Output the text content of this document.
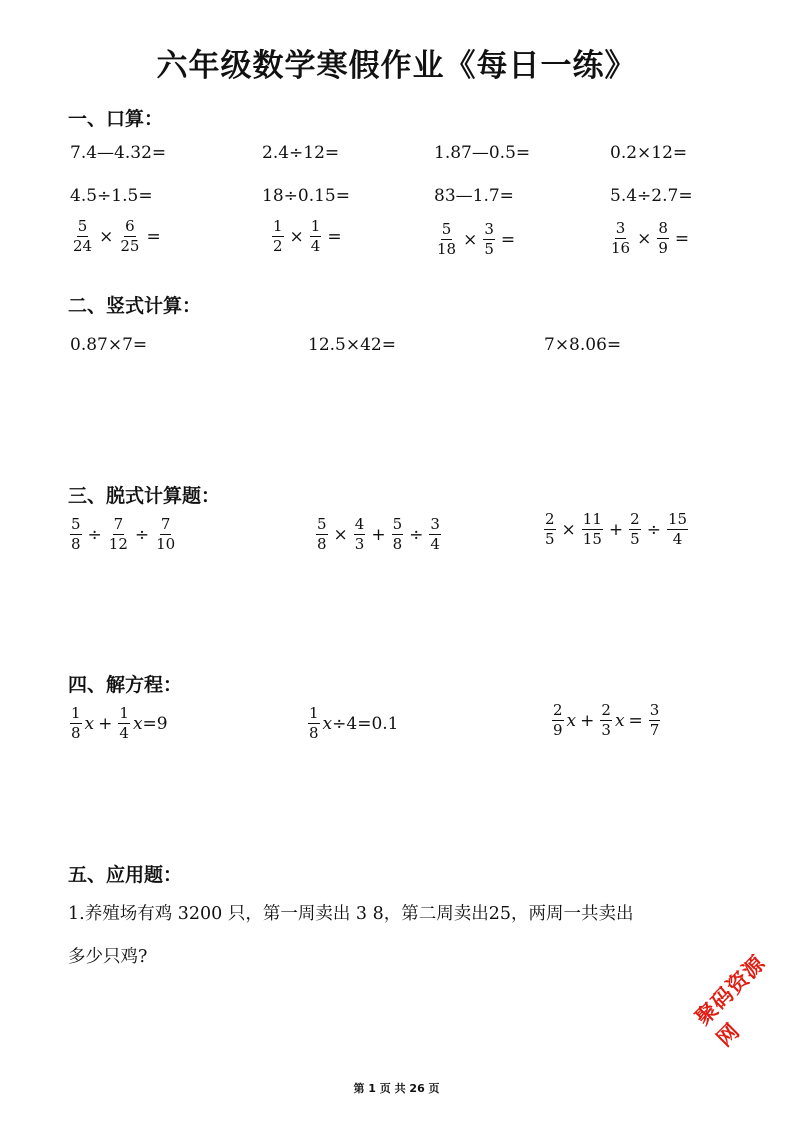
六年级数学寒假作业《每日一练》
一、口算：
7.4—4.32=	2.4÷12=	1.87—0.5=	0.2×12=
4.5÷1.5=	18÷0.15=	83—1.7=	5.4÷2.7=
$\frac{5}{24} \times \frac{6}{25}$ =	$\frac{1}{2} \times \frac{1}{4}$ =	$\frac{5}{18} \times \frac{3}{5}$ =	$\frac{3}{16} \times \frac{8}{9}$ =
二、竖式计算：
0.87×7=	12.5×42=	7×8.06=
三、脱式计算题：
$\frac{5}{8} \div \frac{7}{12} \div \frac{7}{10}$	$\frac{5}{8} \times \frac{4}{3} + \frac{5}{8} \div \frac{3}{4}$	$\frac{2}{5} \times \frac{11}{15} + \frac{2}{5} \div \frac{15}{4}$
四、解方程：
$\frac{1}{8}$ $x + \frac{1}{4}$ x =9	$\frac{1}{8}$ x ÷4=0.1	$\frac{2}{9}$ $x + \frac{2}{3}$ $x = \frac{3}{7}$
五、应用题：
1.养殖场有鸡 3200 只，第一周卖出 3 8，第二周卖出25，两周一共卖出
多少只鸡?	聚码资源网
第 1 页 共 26 页
